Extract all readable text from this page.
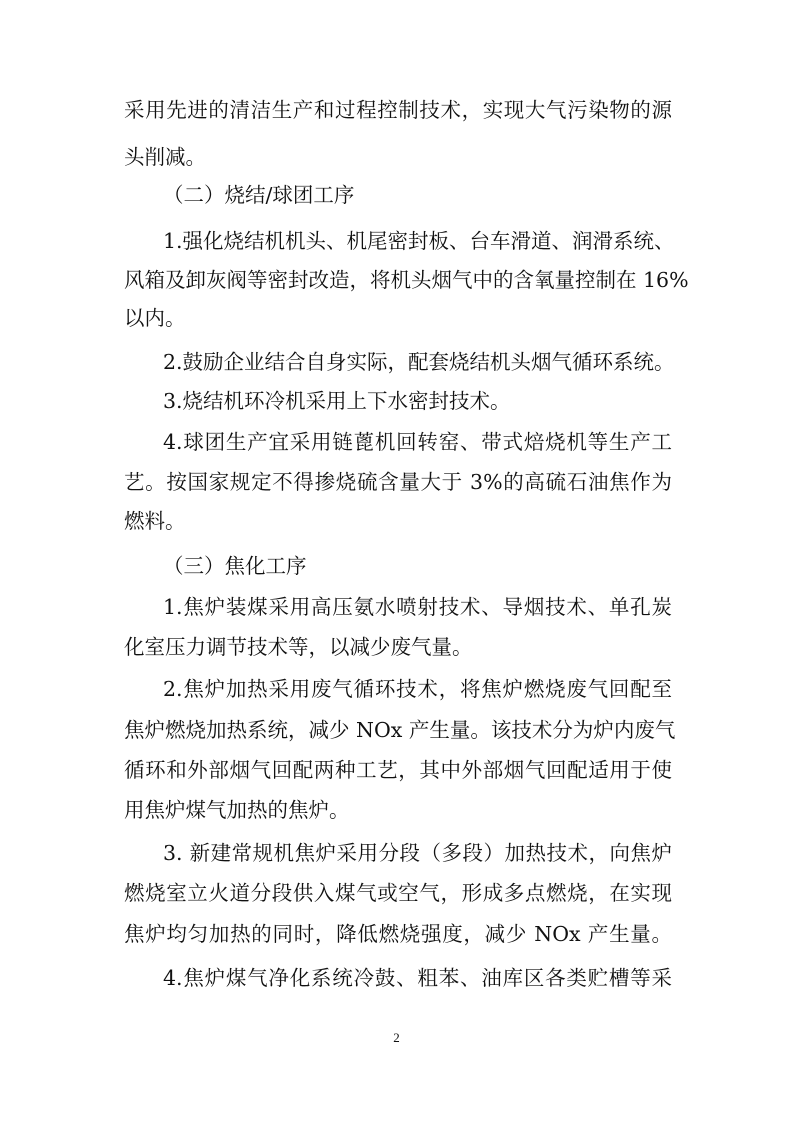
采用先进的清洁生产和过程控制技术，实现大气污染物的源
头削减。
（二）烧结/球团工序
1.强化烧结机机头、机尾密封板、台车滑道、润滑系统、
风箱及卸灰阀等密封改造，将机头烟气中的含氧量控制在 16%
以内。
2.鼓励企业结合自身实际，配套烧结机头烟气循环系统。
3.烧结机环冷机采用上下水密封技术。
4.球团生产宜采用链蓖机回转窑、带式焙烧机等生产工
艺。按国家规定不得掺烧硫含量大于 3%的高硫石油焦作为
燃料。
（三）焦化工序
1.焦炉装煤采用高压氨水喷射技术、导烟技术、单孔炭
化室压力调节技术等，以减少废气量。
2.焦炉加热采用废气循环技术，将焦炉燃烧废气回配至
焦炉燃烧加热系统，减少 NOx 产生量。该技术分为炉内废气
循环和外部烟气回配两种工艺，其中外部烟气回配适用于使
用焦炉煤气加热的焦炉。
3. 新建常规机焦炉采用分段（多段）加热技术，向焦炉
燃烧室立火道分段供入煤气或空气，形成多点燃烧，在实现
焦炉均匀加热的同时，降低燃烧强度，减少 NOx 产生量。
4.焦炉煤气净化系统冷鼓、粗苯、油库区各类贮槽等采
2
